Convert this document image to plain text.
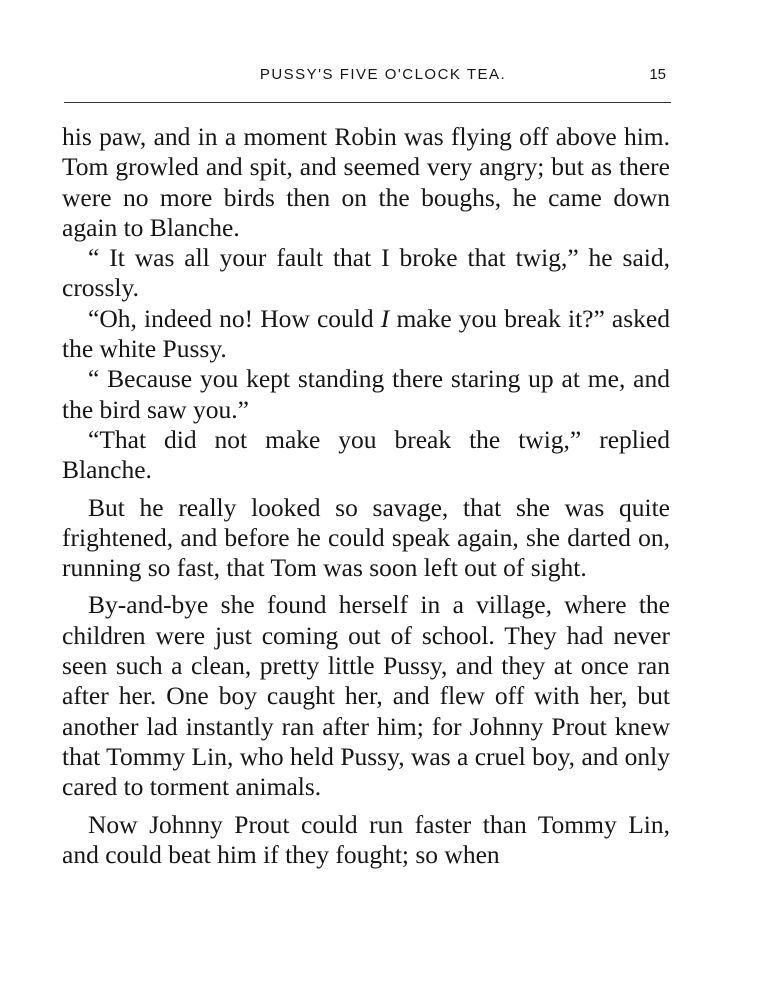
PUSSY'S FIVE O'CLOCK TEA.	15

his paw, and in a moment Robin was flying off above him. Tom growled and spit, and seemed very angry; but as there were no more birds then on the boughs, he came down again to Blanche.

“ It was all your fault that I broke that twig,” he said, crossly.

“Oh, indeed no! How could I make you break it?” asked the white Pussy.

“ Because you kept standing there staring up at me, and the bird saw you.”

“That did not make you break the twig,” replied Blanche.

But he really looked so savage, that she was quite frightened, and before he could speak again, she darted on, running so fast, that Tom was soon left out of sight.

By-and-bye she found herself in a village, where the children were just coming out of school. They had never seen such a clean, pretty little Pussy, and they at once ran after her. One boy caught her, and flew off with her, but another lad instantly ran after him; for Johnny Prout knew that Tommy Lin, who held Pussy, was a cruel boy, and only cared to torment animals.

Now Johnny Prout could run faster than Tommy Lin, and could beat him if they fought; so when
